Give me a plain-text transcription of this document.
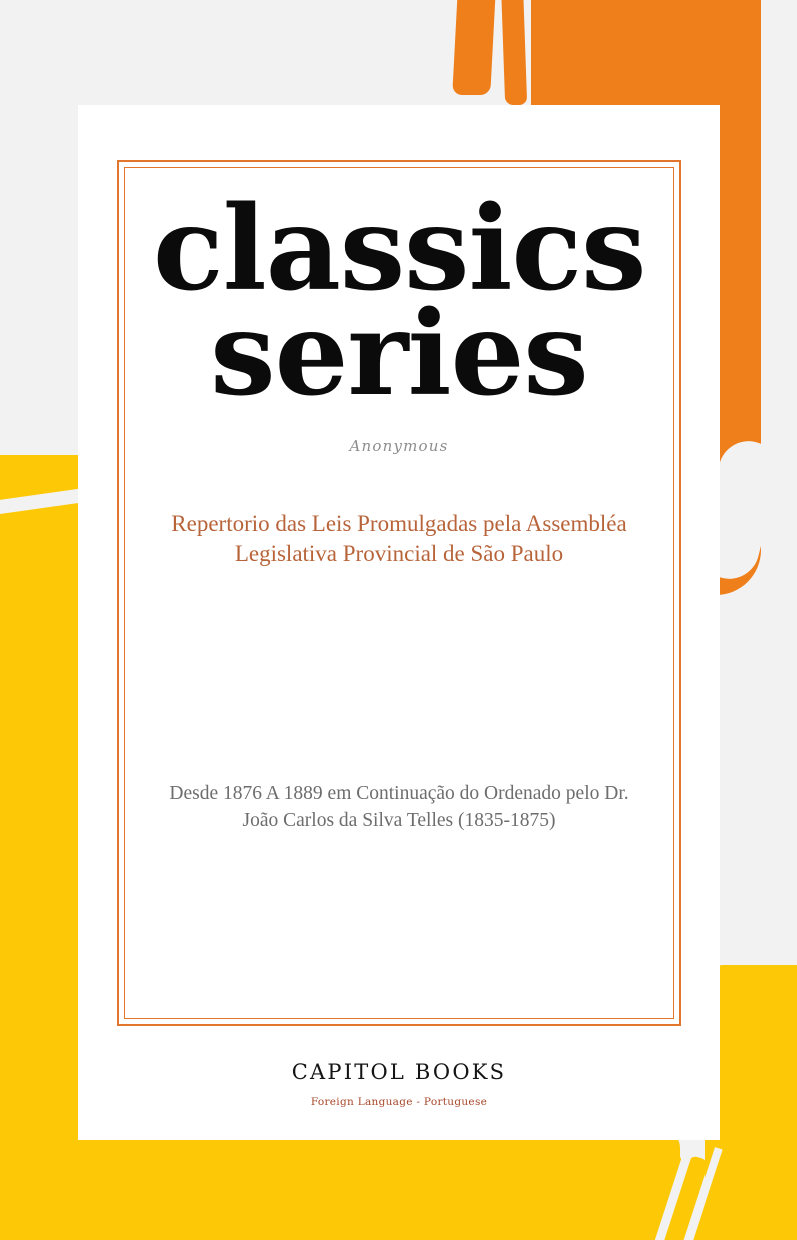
classics
series
Anonymous
Repertorio das Leis Promulgadas pela Assembléa Legislativa Provincial de São Paulo
Desde 1876 A 1889 em Continuação do Ordenado pelo Dr. João Carlos da Silva Telles (1835-1875)
CAPITOL BOOKS
Foreign Language - Portuguese
